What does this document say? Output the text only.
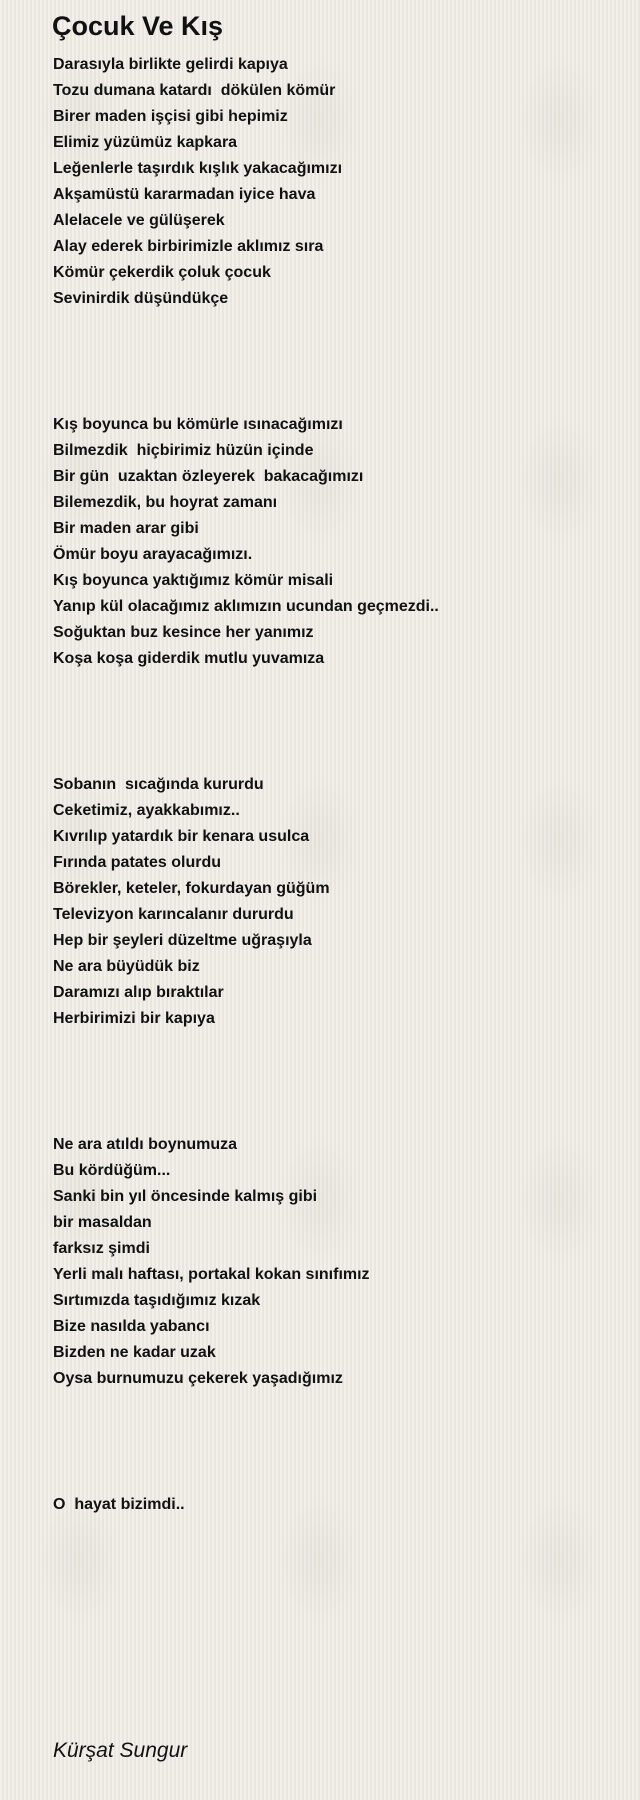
Çocuk Ve Kış
Darasıyla birlikte gelirdi kapıya
Tozu dumana katardı  dökülen kömür
Birer maden işçisi gibi hepimiz
Elimiz yüzümüz kapkara
Leğenlerle taşırdık kışlık yakacağımızı
Akşamüstü kararmadan iyice hava
Alelacele ve gülüşerek
Alay ederek birbirimizle aklımız sıra
Kömür çekerdik çoluk çocuk
Sevinirdik düşündükçe
Kış boyunca bu kömürle ısınacağımızı
Bilmezdik  hiçbirimiz hüzün içinde
Bir gün  uzaktan özleyerek  bakacağımızı
Bilemezdik, bu hoyrat zamanı
Bir maden arar gibi
Ömür boyu arayacağımızı.
Kış boyunca yaktığımız kömür misali
Yanıp kül olacağımız aklımızın ucundan geçmezdi..
Soğuktan buz kesince her yanımız
Koşa koşa giderdik mutlu yuvamıza
Sobanın  sıcağında kururdu
Ceketimiz, ayakkabımız..
Kıvrılıp yatardık bir kenara usulca
Fırında patates olurdu
Börekler, keteler, fokurdayan güğüm
Televizyon karıncalanır dururdu
Hep bir şeyleri düzeltme uğraşıyla
Ne ara büyüdük biz
Daramızı alıp bıraktılar
Herbirimizi bir kapıya
Ne ara atıldı boynumuza
Bu kördüğüm...
Sanki bin yıl öncesinde kalmış gibi
bir masaldan
farksız şimdi
Yerli malı haftası, portakal kokan sınıfımız
Sırtımızda taşıdığımız kızak
Bize nasılda yabancı
Bizden ne kadar uzak
Oysa burnumuzu çekerek yaşadığımız
O  hayat bizimdi..
Kürşat Sungur
